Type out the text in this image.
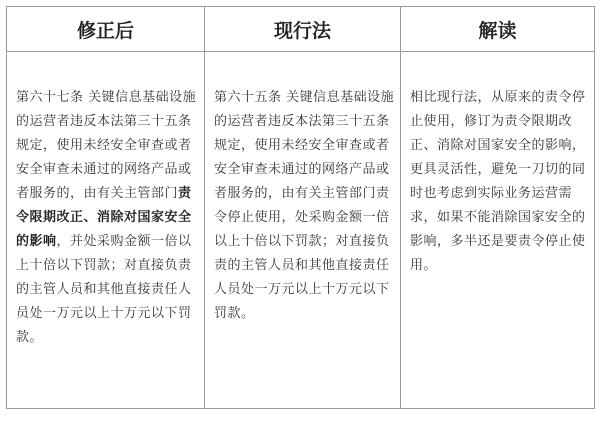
修正后	现行法	解读
第六十七条 关键信息基础设施的运营者违反本法第三十五条规定，使用未经安全审查或者安全审查未通过的网络产品或者服务的，由有关主管部门责令限期改正、消除对国家安全的影响，并处采购金额一倍以上十倍以下罚款；对直接负责的主管人员和其他直接责任人员处一万元以上十万元以下罚款。	第六十五条 关键信息基础设施的运营者违反本法第三十五条规定，使用未经安全审查或者安全审查未通过的网络产品或者服务的，由有关主管部门责令停止使用，处采购金额一倍以上十倍以下罚款；对直接负责的主管人员和其他直接责任人员处一万元以上十万元以下罚款。	相比现行法，从原来的责令停止使用，修订为责令限期改正、消除对国家安全的影响，更具灵活性，避免一刀切的同时也考虑到实际业务运营需求，如果不能消除国家安全的影响，多半还是要责令停止使用。
